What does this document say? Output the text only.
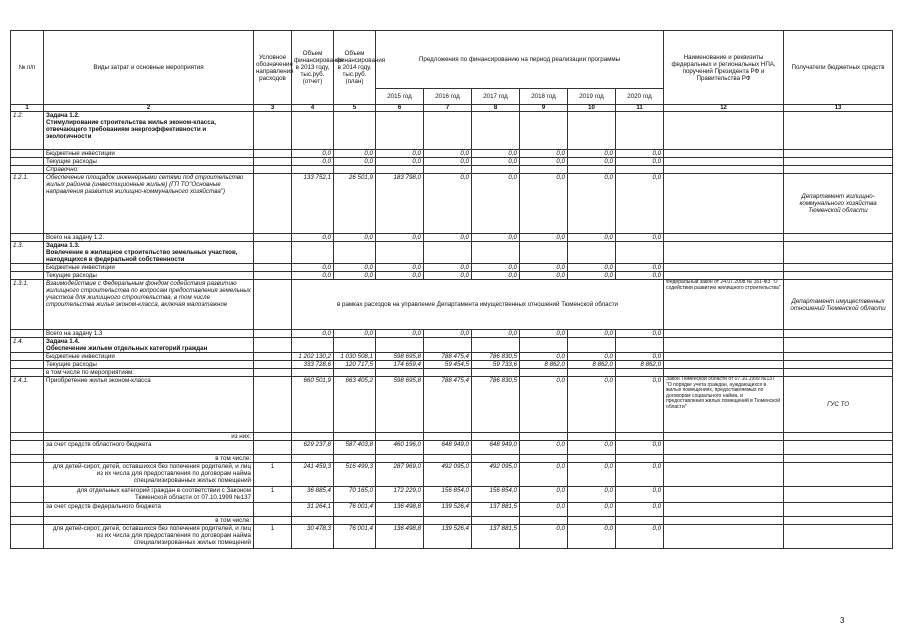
№ п/п	Виды затрат и основные мероприятия	Условное обозначение направления расходов	Объем финансирования в 2013 году, тыс.руб. (отчет)	Объем финансирования в 2014 году, тыс.руб. (план)	Предложения по финансированию на период реализации программы						Наименование и реквизиты федеральных и региональных НПА, поручений Президента РФ и Правительства РФ	Получатели бюджетных средств
					2015 год	2016 год	2017 год	2018 год	2019 год	2020 год		
1	2	3	4	5	6	7	8	9	10	11	12	13
1.2.	Задача 1.2.
Стимулирование строительства жилья эконом-класса, отвечающего требованиям энергоэффективности и экологичности											
	Бюджетные инвестиции		0,0	0,0	0,0	0,0	0,0	0,0	0,0	0,0		
	Текущие расходы		0,0	0,0	0,0	0,0	0,0	0,0	0,0	0,0		
	Справочно:											
1.2.1.	Обеспечение площадок инженерными сетями под строительство жилых районов (инвестиционные жилые) (ГП ТО"Основные направления развития жилищно-коммунального хозяйства")		133 752,1	26 501,9	183 798,0	0,0	0,0	0,0	0,0	0,0		Департамент жилищно-коммунального хозяйства Тюменской области
	Всего на задачу 1.2.		0,0	0,0	0,0	0,0	0,0	0,0	0,0	0,0		
1.3.	Задача 1.3.
Вовлечение в жилищное строительство земельных участков, находящихся в федеральной собственности											
	Бюджетные инвестиции		0,0	0,0	0,0	0,0	0,0	0,0	0,0	0,0		
	Текущие расходы		0,0	0,0	0,0	0,0	0,0	0,0	0,0	0,0		
1.3.1.	Взаимодействие с Федеральным фондом содействия развитию жилищного строительства по вопросам предоставления земельных участков для жилищного строительства, в том числе строительства жилья эконом-класса, включая малоэтажное		в рамках расходов на управление Департамента имущественных отношений Тюменской области								Федеральный закон от 24.07.2008 № 161-ФЗ "О содействии развитию жилищного строительства"	Департамент имущественных отношений Тюменской области
	Всего на задачу 1.3		0,0	0,0	0,0	0,0	0,0	0,0	0,0	0,0		
1.4.	Задача 1.4.
Обеспечение жильем отдельных категорий граждан											
	Бюджетные инвестиции		1 202 130,2	1 030 508,1	598 695,8	788 475,4	786 830,5	0,0	0,0	0,0		
	Текущие расходы		333 728,6	120 717,5	174 659,4	59 454,5	59 733,6	8 862,0	8 862,0	8 862,0		
	в том числе по мероприятиям:											
1.4.1.	Приобретение жилья эконом-класса		660 501,9	663 405,2	598 695,8	788 475,4	786 830,5	0,0	0,0	0,0	Закон Тюменской области от 07.10.1999 №137 "О порядке учета граждан, нуждающихся в жилых помещениях, предоставляемых по договорам социального найма, и предоставления жилых помещений в Тюменской области"	ГУС ТО
	из них:											
	за счет средств областного бюджета		629 237,8	587 403,8	460 196,0	648 949,0	648 949,0	0,0	0,0	0,0		
	в том числе:											
	для детей-сирот, детей, оставшихся без попечения родителей, и лиц из их числа для предоставления по договорам найма специализированных жилых помещений	1	241 459,3	516 499,3	287 969,0	492 095,0	492 095,0	0,0	0,0	0,0		
	для отдельных категорий граждан в соответствии с Законом Тюменской области от 07.10.1999 №137	1	36 885,4	70 165,0	172 229,0	156 854,0	156 854,0	0,0	0,0	0,0		
	за счет средств федерального бюджета		31 264,1	76 001,4	136 498,8	139 526,4	137 881,5	0,0	0,0	0,0		
	в том числе:											
	для детей-сирот, детей, оставшихся без попечения родителей, и лиц из их числа для предоставления по договорам найма специализированных жилых помещений	1	30 478,3	76 001,4	136 498,8	139 526,4	137 881,5	0,0	0,0	0,0		
3
